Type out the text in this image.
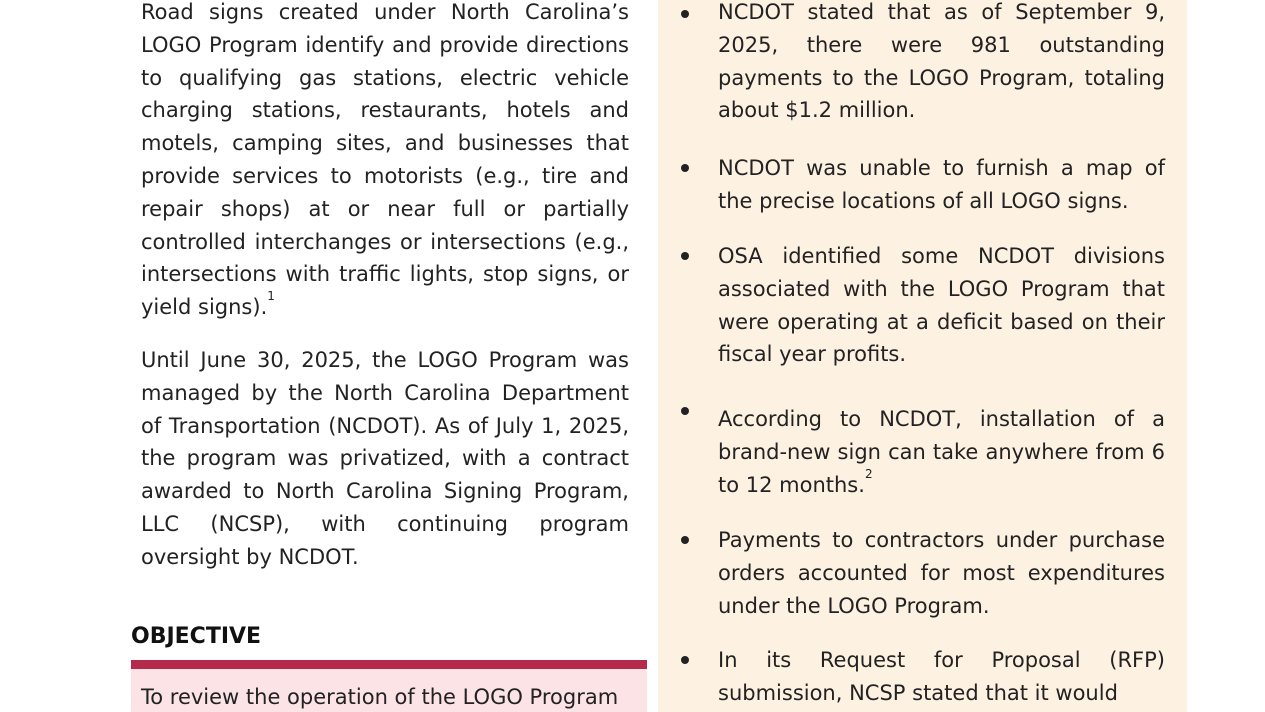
Road signs created under North Carolina’s LOGO Program identify and provide directions to qualifying gas stations, electric vehicle charging stations, restaurants, hotels and motels, camping sites, and businesses that provide services to motorists (e.g., tire and repair shops) at or near full or partially controlled interchanges or intersections (e.g., intersections with traffic lights, stop signs, or yield signs).$^1$

Until June 30, 2025, the LOGO Program was managed by the North Carolina Department of Transportation (NCDOT). As of July 1, 2025, the program was privatized, with a contract awarded to North Carolina Signing Program, LLC (NCSP), with continuing program oversight by NCDOT.

OBJECTIVE

To review the operation of the LOGO Program

NCDOT stated that as of September 9, 2025, there were 981 outstanding payments to the LOGO Program, totaling about $1.2 million.

NCDOT was unable to furnish a map of the precise locations of all LOGO signs.

OSA identified some NCDOT divisions associated with the LOGO Program that were operating at a deficit based on their fiscal year profits.

According to NCDOT, installation of a brand-new sign can take anywhere from 6 to 12 months.$^2$

Payments to contractors under purchase orders accounted for most expenditures under the LOGO Program.

In its Request for Proposal (RFP) submission, NCSP stated that it would
